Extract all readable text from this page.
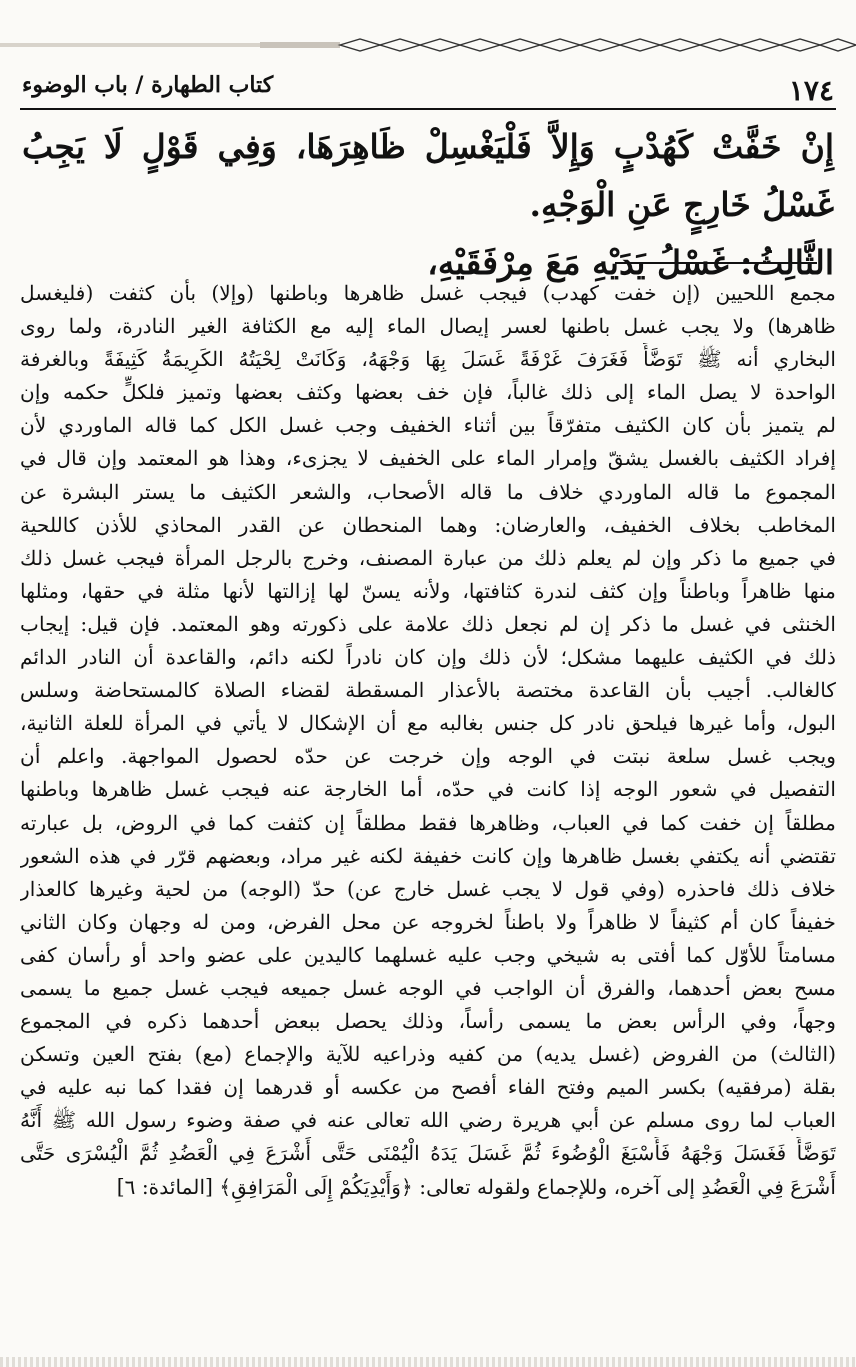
١٧٤
كتاب الطهارة / باب الوضوء

إِنْ خَفَّتْ كَهُدْبٍ وَإِلاَّ فَلْيَغْسِلْ ظَاهِرَهَا، وَفِي قَوْلٍ لَا يَجِبُ غَسْلُ خَارِجٍ عَنِ الْوَجْهِ.

الثَّالِثُ: غَسْلُ يَدَيْهِ مَعَ مِرْفَقَيْهِ،

مجمع اللحيين (إن خفت كهدب) فيجب غسل ظاهرها وباطنها (وإلا) بأن كثفت (فليغسل
ظاهرها) ولا يجب غسل باطنها لعسر إيصال الماء إليه مع الكثافة الغير النادرة، ولما روى
البخاري أنه ﷺ تَوَضَّأَ فَغَرَفَ غَرْفَةً غَسَلَ بِهَا وَجْهَهُ، وَكَانَتْ لِحْيَتُهُ الكَرِيمَةُ كَثِيفَةً وبالغرفة
الواحدة لا يصل الماء إلى ذلك غالباً، فإن خف بعضها وكثف بعضها وتميز فلكلٍّ حكمه وإن
لم يتميز بأن كان الكثيف متفرّقاً بين أثناء الخفيف وجب غسل الكل كما قاله الماوردي لأن
إفراد الكثيف بالغسل يشقّ وإمرار الماء على الخفيف لا يجزىء، وهذا هو المعتمد وإن قال في
المجموع ما قاله الماوردي خلاف ما قاله الأصحاب، والشعر الكثيف ما يستر البشرة عن
المخاطب بخلاف الخفيف، والعارضان: وهما المنحطان عن القدر المحاذي للأذن كاللحية
في جميع ما ذكر وإن لم يعلم ذلك من عبارة المصنف، وخرج بالرجل المرأة فيجب غسل ذلك
منها ظاهراً وباطناً وإن كثف لندرة كثافتها، ولأنه يسنّ لها إزالتها لأنها مثلة في حقها، ومثلها
الخنثى في غسل ما ذكر إن لم نجعل ذلك علامة على ذكورته وهو المعتمد. فإن قيل: إيجاب
ذلك في الكثيف عليهما مشكل؛ لأن ذلك وإن كان نادراً لكنه دائم، والقاعدة أن النادر الدائم
كالغالب. أجيب بأن القاعدة مختصة بالأعذار المسقطة لقضاء الصلاة كالمستحاضة وسلس
البول، وأما غيرها فيلحق نادر كل جنس بغالبه مع أن الإشكال لا يأتي في المرأة للعلة الثانية،
ويجب غسل سلعة نبتت في الوجه وإن خرجت عن حدّه لحصول المواجهة. واعلم أن
التفصيل في شعور الوجه إذا كانت في حدّه، أما الخارجة عنه فيجب غسل ظاهرها وباطنها
مطلقاً إن خفت كما في العباب، وظاهرها فقط مطلقاً إن كثفت كما في الروض، بل عبارته
تقتضي أنه يكتفي بغسل ظاهرها وإن كانت خفيفة لكنه غير مراد، وبعضهم قرّر في هذه الشعور
خلاف ذلك فاحذره (وفي قول لا يجب غسل خارج عن) حدّ (الوجه) من لحية وغيرها كالعذار
خفيفاً كان أم كثيفاً لا ظاهراً ولا باطناً لخروجه عن محل الفرض، ومن له وجهان وكان الثاني
مسامتاً للأوّل كما أفتى به شيخي وجب عليه غسلهما كاليدين على عضو واحد أو رأسان كفى
مسح بعض أحدهما، والفرق أن الواجب في الوجه غسل جميعه فيجب غسل جميع ما يسمى
وجهاً، وفي الرأس بعض ما يسمى رأساً، وذلك يحصل ببعض أحدهما ذكره في المجموع
(الثالث) من الفروض (غسل يديه) من كفيه وذراعيه للآية والإجماع (مع) بفتح العين وتسكن
بقلة (مرفقيه) بكسر الميم وفتح الفاء أفصح من عكسه أو قدرهما إن فقدا كما نبه عليه في
العباب لما روى مسلم عن أبي هريرة رضي الله تعالى عنه في صفة وضوء رسول الله ﷺ أَنَّهُ
تَوَضَّأَ فَغَسَلَ وَجْهَهُ فَأَسْبَغَ الْوُضُوءَ ثُمَّ غَسَلَ يَدَهُ الْيُمْنَى حَتَّى أَشْرَعَ فِي الْعَضُدِ ثُمَّ الْيُسْرَى حَتَّى
أَشْرَعَ فِي الْعَضُدِ إلى آخره، وللإجماع ولقوله تعالى: ﴿وَأَيْدِيَكُمْ إِلَى الْمَرَافِقِ﴾ [المائدة: ٦]
